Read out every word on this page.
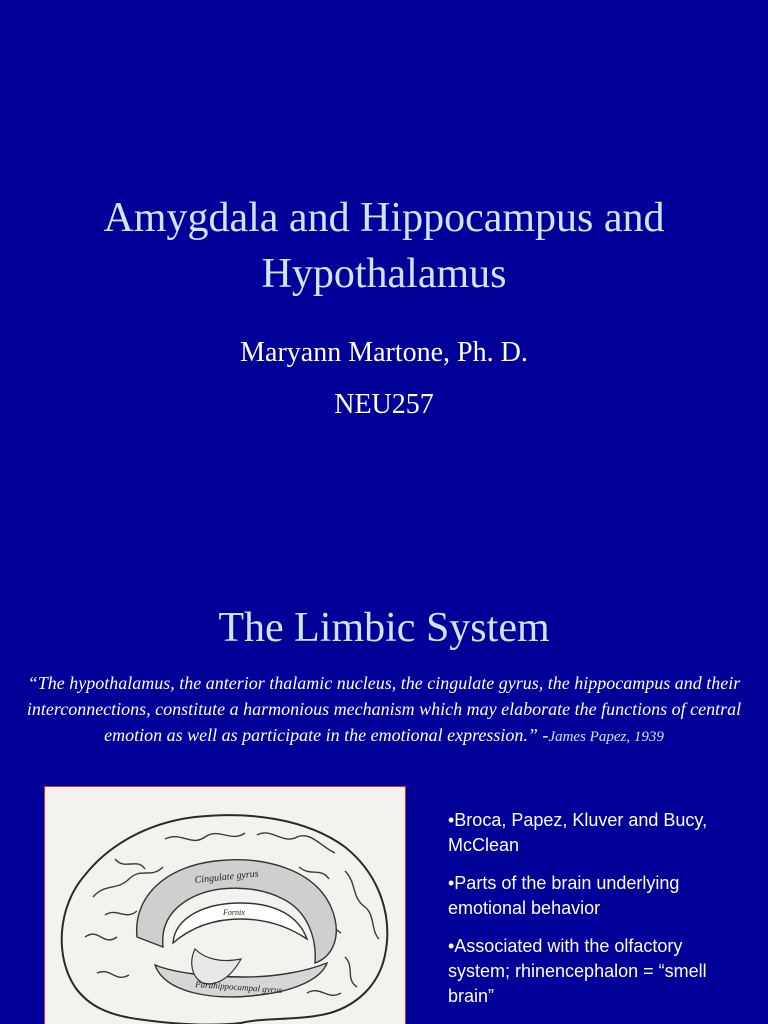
Amygdala and Hippocampus and
Hypothalamus
Maryann Martone, Ph. D.
NEU257
The Limbic System
“The hypothalamus, the anterior thalamic nucleus, the cingulate gyrus, the hippocampus and their interconnections, constitute a harmonious mechanism which may elaborate the functions of central emotion as well as participate in the emotional expression.” -James Papez, 1939
Cingulate gyrus
Fornix
Parahippocampal gyrus
•Broca, Papez, Kluver and Bucy, McClean
•Parts of the brain underlying emotional behavior
•Associated with the olfactory system; rhinencephalon = “smell brain”
